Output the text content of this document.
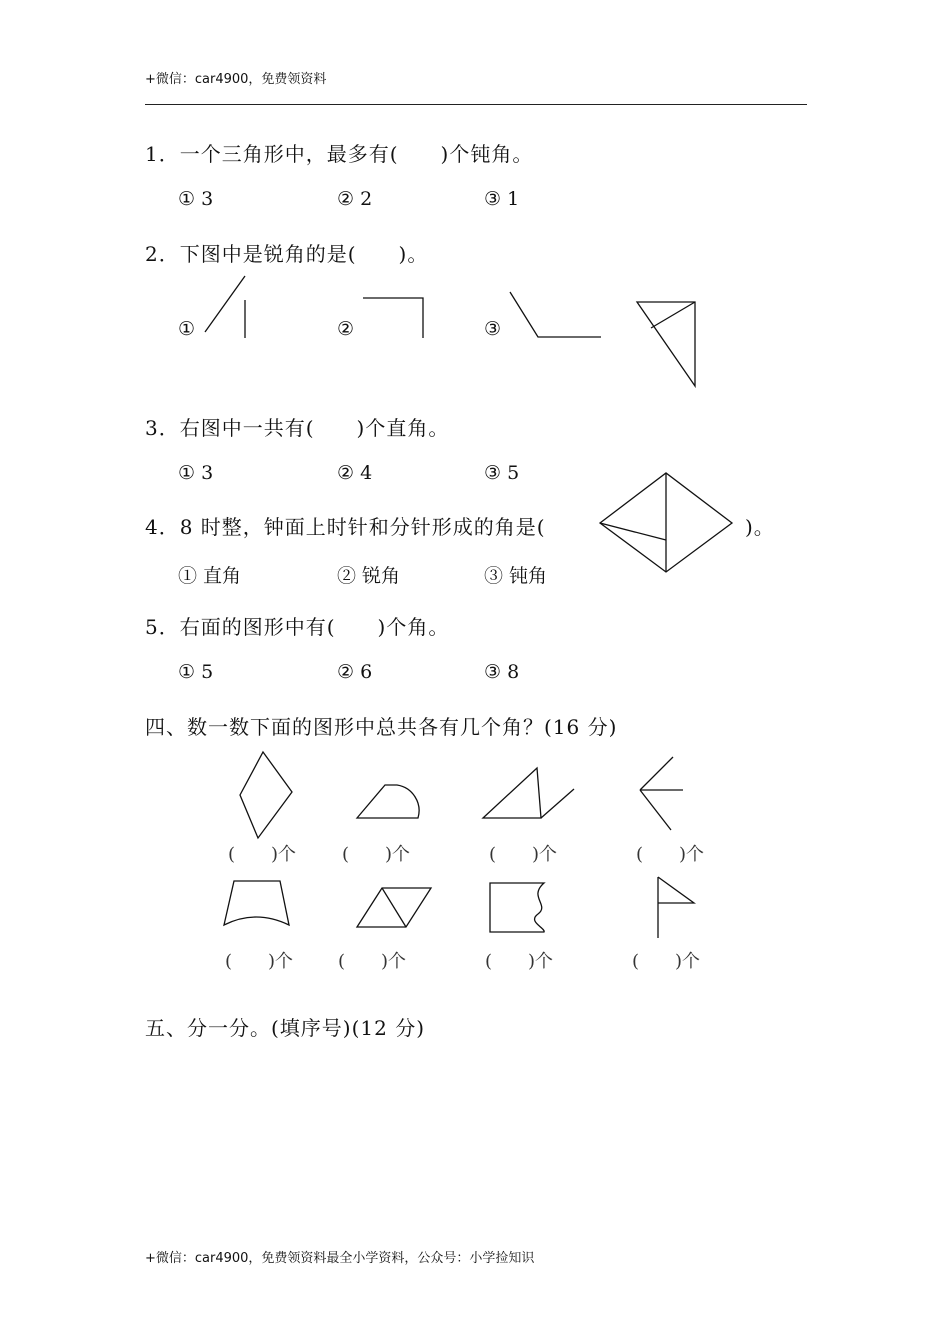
+微信：car4900，免费领资料
1．一个三角形中，最多有(　　)个钝角。
① 3	② 2	③ 1
2．下图中是锐角的是(　　)。
①	②	③
3．右图中一共有(　　)个直角。
① 3	② 4	③ 5
4．8 时整，钟面上时针和分针形成的角是(	)。
① 直角	② 锐角	③ 钝角
5．右面的图形中有(　　)个角。
① 5	② 6	③ 8
四、数一数下面的图形中总共各有几个角？(16 分)
(　　)个	(　　)个	(　　)个	(　　)个
(　　)个 (　　)个	(　　)个	(　　)个
五、分一分。(填序号)(12 分)
+微信：car4900，免费领资料最全小学资料，公众号：小学捡知识
